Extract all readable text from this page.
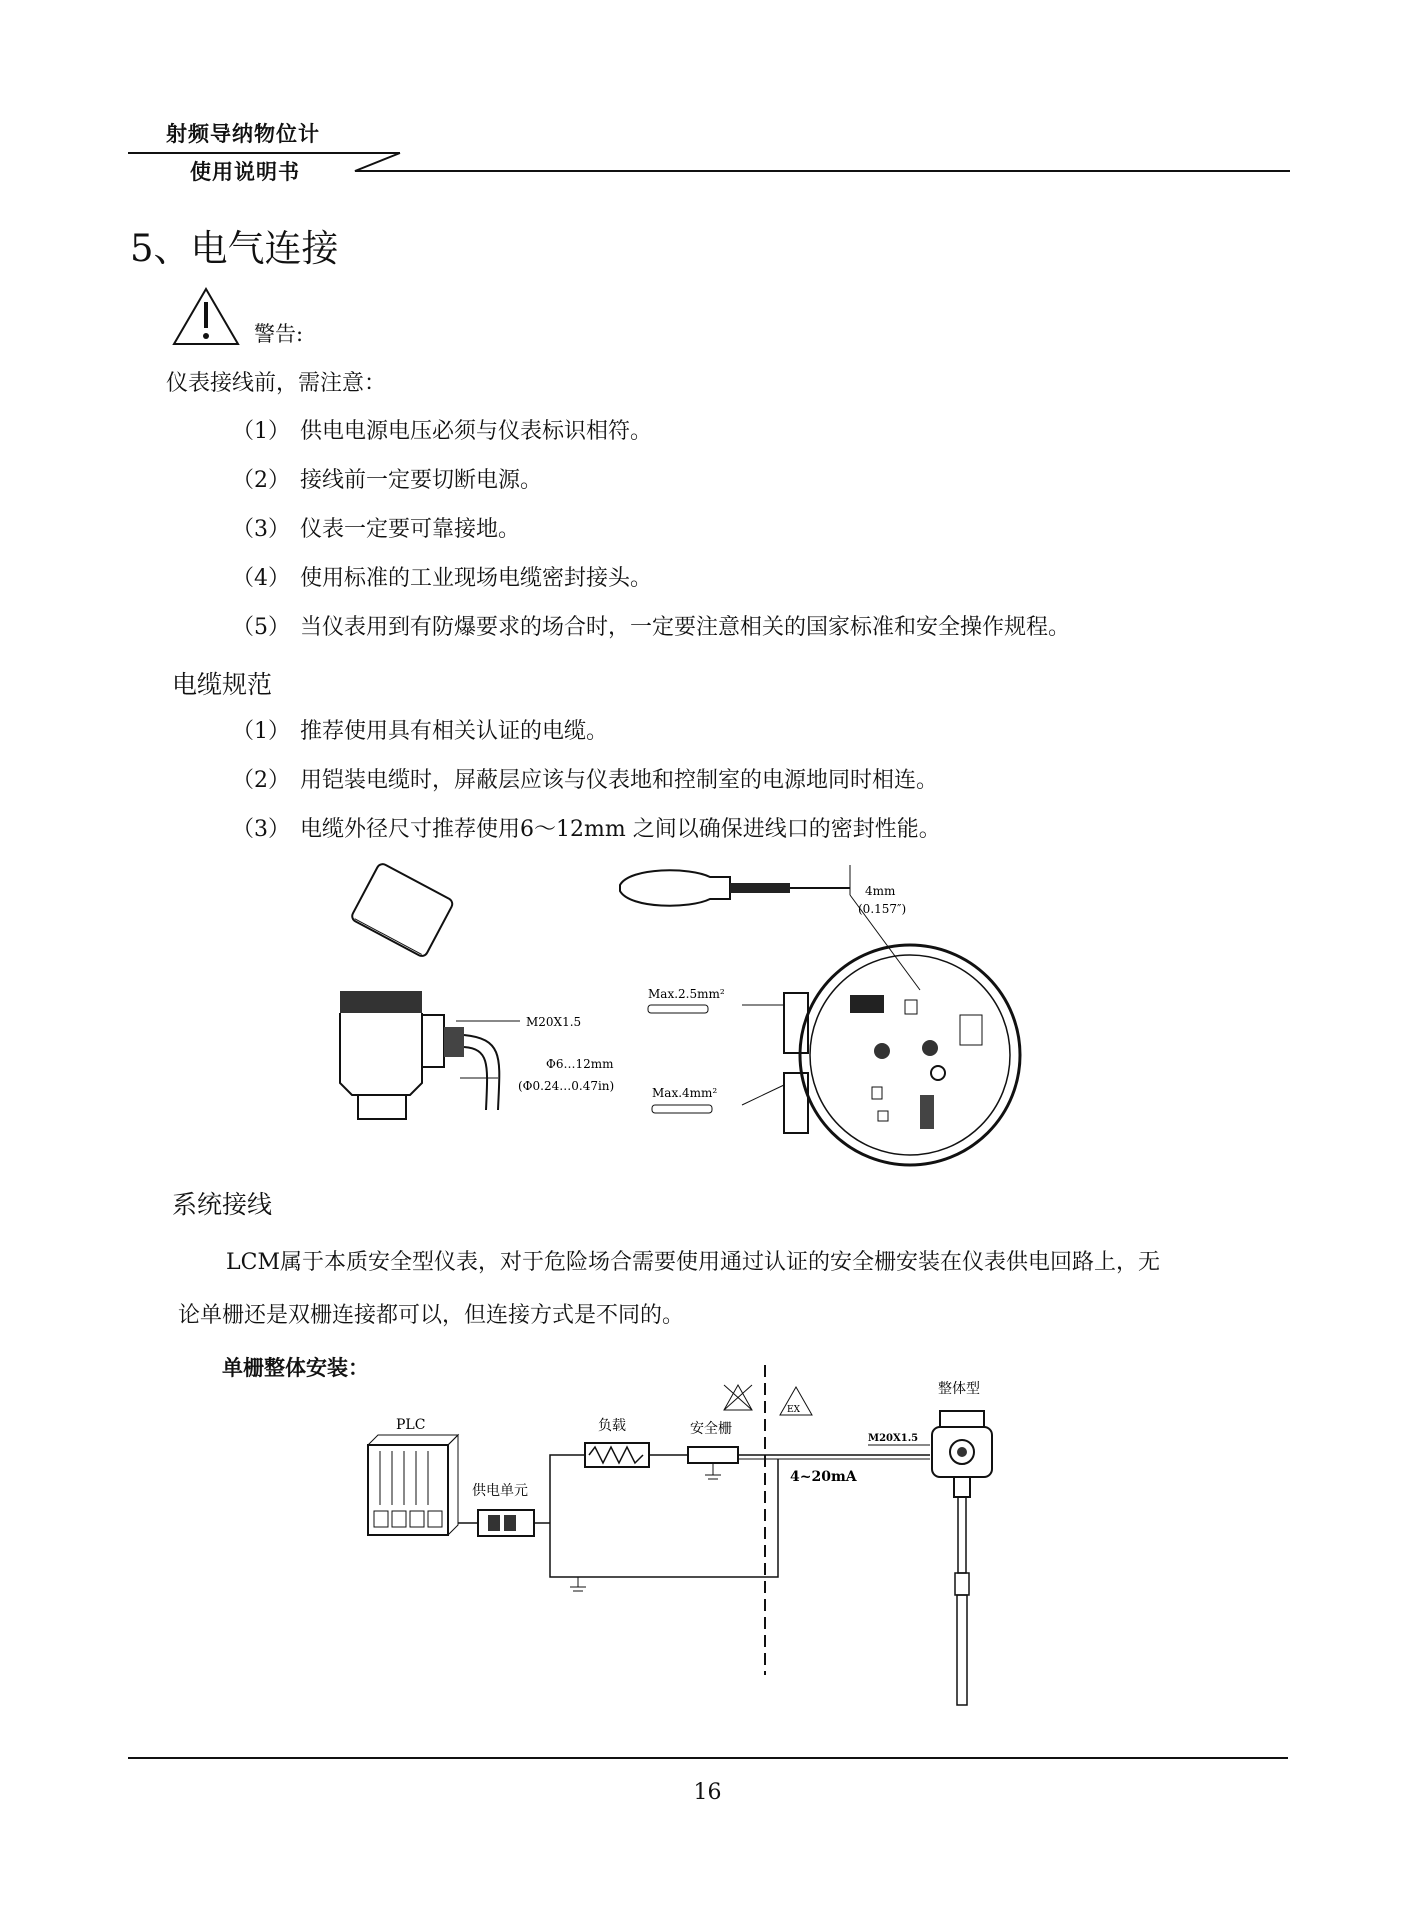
射频导纳物位计
使用说明书
5、电气连接
警告:
仪表接线前，需注意：
（1） 供电电源电压必须与仪表标识相符。
（2） 接线前一定要切断电源。
（3） 仪表一定要可靠接地。
（4） 使用标准的工业现场电缆密封接头。
（5） 当仪表用到有防爆要求的场合时，一定要注意相关的国家标准和安全操作规程。
电缆规范
（1） 推荐使用具有相关认证的电缆。
（2） 用铠装电缆时，屏蔽层应该与仪表地和控制室的电源地同时相连。
（3） 电缆外径尺寸推荐使用6～12mm 之间以确保进线口的密封性能。
M20X1.5
Φ6…12mm
(Φ0.24…0.47in)
4mm
(0.157″)
Max.2.5mm²
Max.4mm²
系统接线
LCM属于本质安全型仪表，对于危险场合需要使用通过认证的安全栅安装在仪表供电回路上，无
论单栅还是双栅连接都可以，但连接方式是不同的。
单栅整体安装：
PLC
供电单元
负载	安全栅
EX
4~20mA
M20X1.5
整体型
16
